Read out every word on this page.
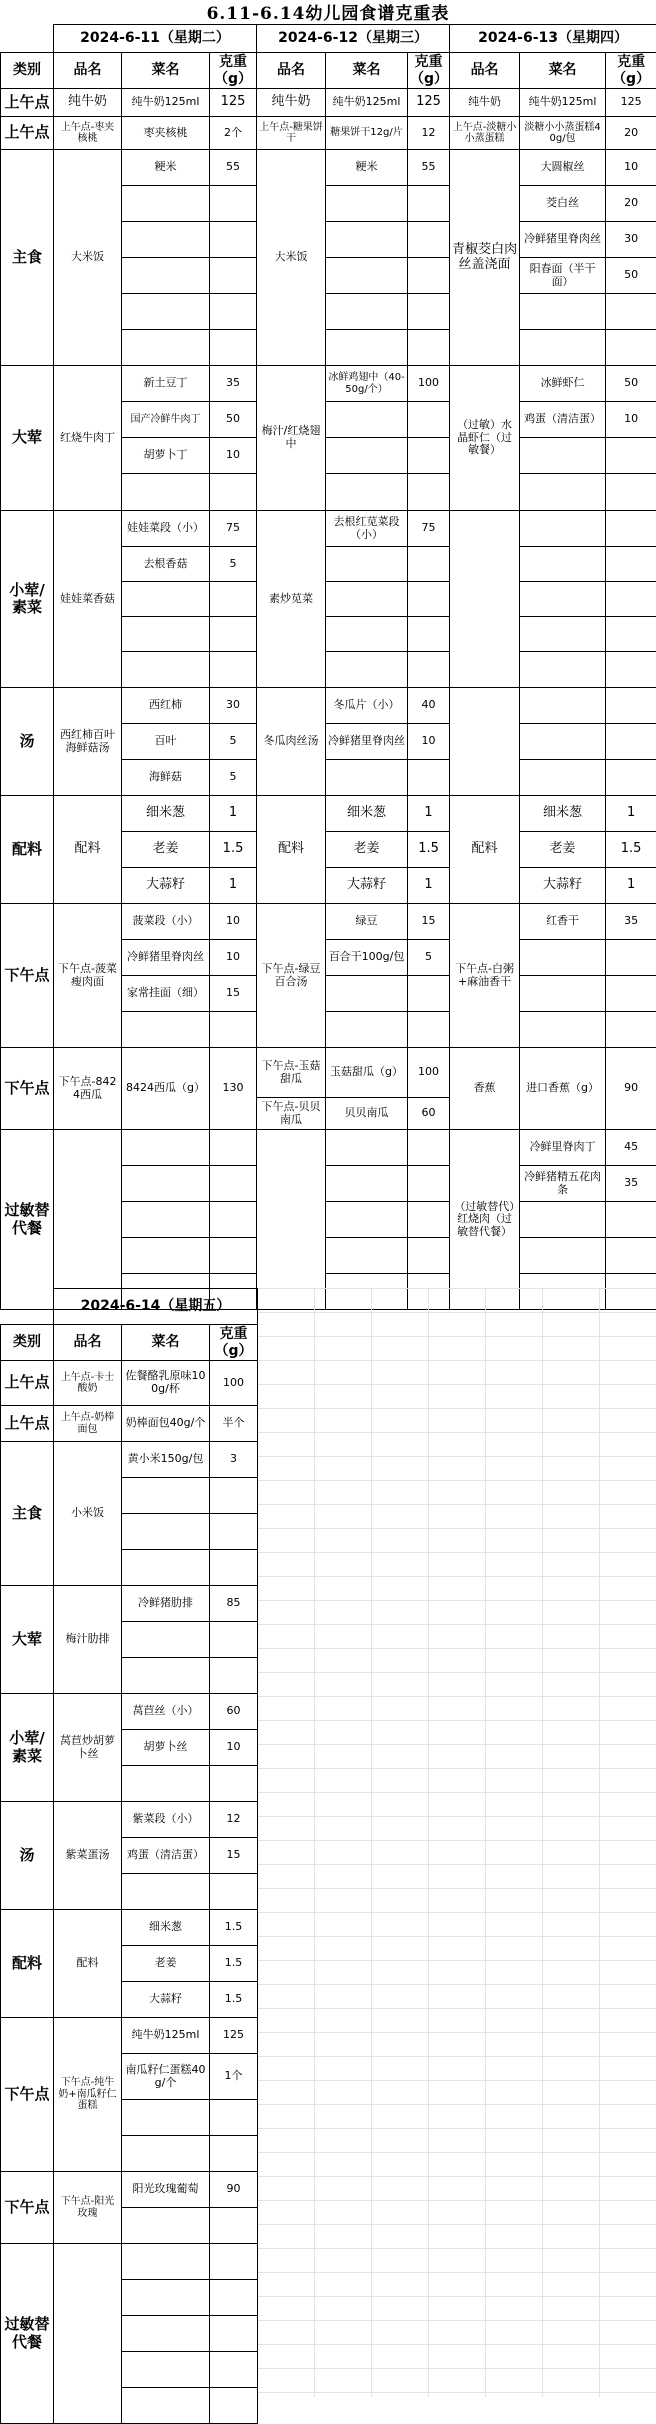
6.11-6.14幼儿园食谱克重表
	2024-6-11（星期二）			2024-6-12（星期三）			2024-6-13（星期四）		
类别	品名	菜名	克重（g）	品名	菜名	克重（g）	品名	菜名	克重（g）
上午点	纯牛奶	纯牛奶125ml	125	纯牛奶	纯牛奶125ml	125	纯牛奶	纯牛奶125ml	125
上午点	上午点-枣夹核桃	枣夹核桃	2个	上午点-糖果饼干	糖果饼干12g/片	12	上午点-淡糖小小蒸蛋糕	淡糖小小蒸蛋糕40g/包	20
主食	大米饭	粳米	55	大米饭	粳米	55	青椒茭白肉丝盖浇面	大圆椒丝	10
								茭白丝	20
								冷鲜猪里脊肉丝	30
								阳春面（半干面）	50

大荤	红烧牛肉丁	新土豆丁	35	梅汁/红烧翅中	冰鲜鸡翅中（40-50g/个）	100	（过敏）水晶虾仁（过敏餐）	冰鲜虾仁	50
		国产冷鲜牛肉丁	50					鸡蛋（清洁蛋）	10
		胡萝卜丁	10						

小荤/素菜	娃娃菜香菇	娃娃菜段（小）	75	素炒苋菜	去根红苋菜段（小）	75			
		去根香菇	5						

汤	西红柿百叶海鲜菇汤	西红柿	30	冬瓜肉丝汤	冬瓜片（小）	40			
		百叶	5		冷鲜猪里脊肉丝	10			
		海鲜菇	5						
配料	配料	细米葱	1	配料	细米葱	1	配料	细米葱	1
		老姜	1.5		老姜	1.5		老姜	1.5
		大蒜籽	1		大蒜籽	1		大蒜籽	1
下午点	下午点-菠菜瘦肉面	菠菜段（小）	10	下午点-绿豆百合汤	绿豆	15	下午点-白粥+麻油香干	红香干	35
		冷鲜猪里脊肉丝	10		百合干100g/包	5			
		家常挂面（细）	15						

下午点	下午点-8424西瓜	8424西瓜（g）	130	下午点-玉菇甜瓜	玉菇甜瓜（g）	100	香蕉	进口香蕉（g）	90

				下午点-贝贝南瓜	贝贝南瓜	60			
过敏替代餐							（过敏替代）红烧肉（过敏替代餐）	冷鲜里脊肉丁	45
								冷鲜猪精五花肉条	35

	2024-6-14（星期五）		
类别	品名	菜名	克重（g）
上午点	上午点-卡士酸奶	佐餐酪乳原味100g/杯	100
上午点	上午点-奶棒面包	奶棒面包40g/个	半个
主食	小米饭	黄小米150g/包	3

大荤	梅汁肋排	冷鲜猪肋排	85

小荤/素菜	莴苣炒胡萝卜丝	莴苣丝（小）	60
		胡萝卜丝	10

汤	紫菜蛋汤	紫菜段（小）	12
		鸡蛋（清洁蛋）	15

配料	配料	细米葱	1.5
		老姜	1.5
		大蒜籽	1.5
下午点	下午点-纯牛奶+南瓜籽仁蛋糕	纯牛奶125ml	125
		南瓜籽仁蛋糕40g/个	1个

下午点	下午点-阳光玫瑰	阳光玫瑰葡萄	90

过敏替代餐			
